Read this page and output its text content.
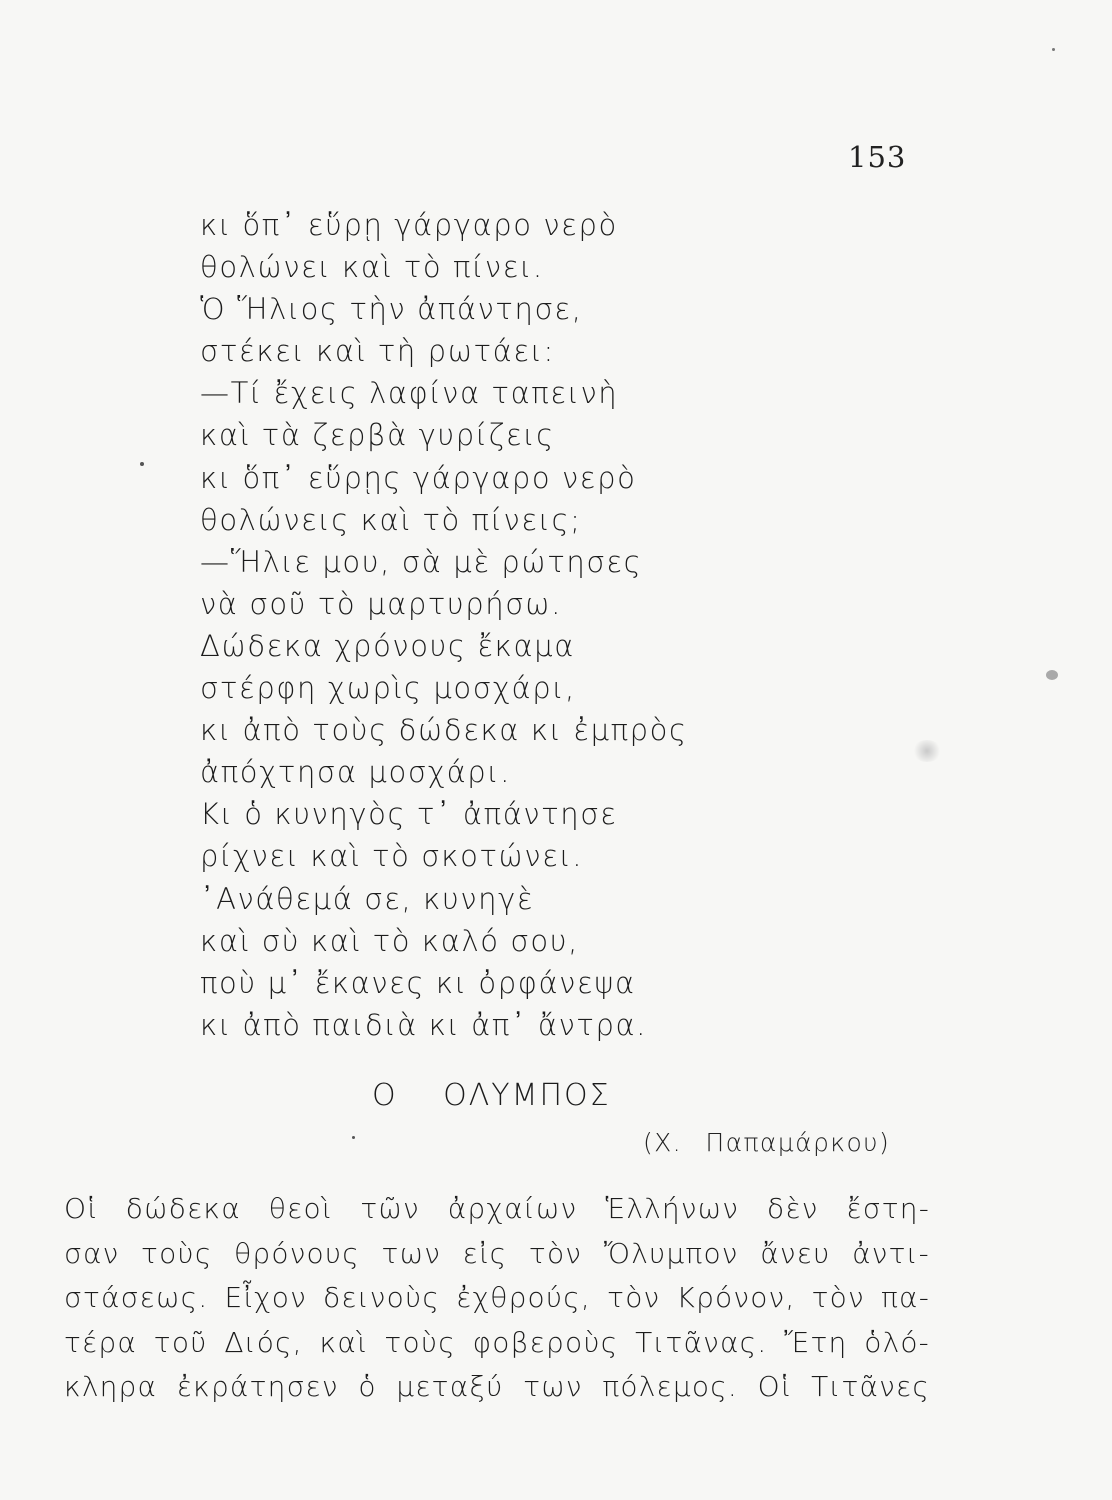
153
κι ὅπ᾽ εὕρῃ γάργαρο νερὸ
θολώνει καὶ τὸ πίνει.
Ὁ Ἥλιος τὴν ἀπάντησε,
στέκει καὶ τὴ ρωτάει:
—Τί ἔχεις λαφίνα ταπεινὴ
καὶ τὰ ζερβὰ γυρίζεις
κι ὅπ᾽ εὕρῃς γάργαρο νερὸ
θολώνεις καὶ τὸ πίνεις;
—Ἥλιε μου, σὰ μὲ ρώτησες
νὰ σοῦ τὸ μαρτυρήσω.
Δώδεκα χρόνους ἔκαμα
στέρφη χωρὶς μοσχάρι,
κι ἀπὸ τοὺς δώδεκα κι ἐμπρὸς
ἀπόχτησα μοσχάρι.
Κι ὁ κυνηγὸς τ᾽ ἀπάντησε
ρίχνει καὶ τὸ σκοτώνει.
᾿Ανάθεμά σε, κυνηγὲ
καὶ σὺ καὶ τὸ καλό σου,
ποὺ μ᾽ ἔκανες κι ὀρφάνεψα
κι ἀπὸ παιδιὰ κι ἀπ᾽ ἄντρα.
Ο ΟΛΥΜΠΟΣ
(Χ. Παπαμάρκου)
Οἱ δώδεκα θεοὶ τῶν ἀρχαίων Ἑλλήνων δὲν ἔστη-
σαν τοὺς θρόνους των εἰς τὸν Ὄλυμπον ἄνευ ἀντι-
στάσεως. Εἶχον δεινοὺς ἐχθρούς, τὸν Κρόνον, τὸν πα-
τέρα τοῦ Διός, καὶ τοὺς φοβεροὺς Τιτᾶνας. Ἔτη ὁλό-
κληρα ἐκράτησεν ὁ μεταξύ των πόλεμος. Οἱ Τιτᾶνες
